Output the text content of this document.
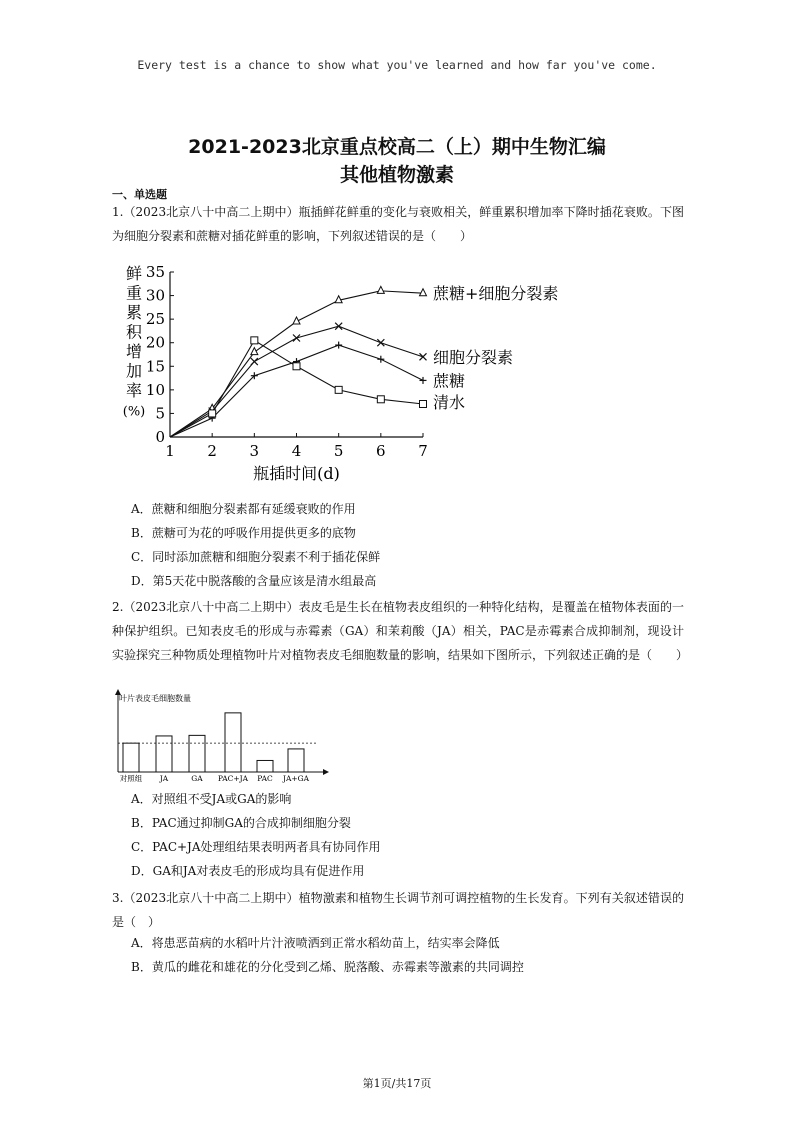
Every test is a chance to show what you've learned and how far you've come.
2021-2023北京重点校高二（上）期中生物汇编
其他植物激素
一、单选题
1.（2023北京八十中高二上期中）瓶插鲜花鲜重的变化与衰败相关，鲜重累积增加率下降时插花衰败。下图为细胞分裂素和蔗糖对插花鲜重的影响，下列叙述错误的是（　　）
0
5
10
15
20
25
30
35
1 2 3 4 5 6 7
瓶插时间(d)
鲜
重
累
积
增
加
率
(%)
蔗糖+细胞分裂素
细胞分裂素
蔗糖
清水
A．蔗糖和细胞分裂素都有延缓衰败的作用
B．蔗糖可为花的呼吸作用提供更多的底物
C．同时添加蔗糖和细胞分裂素不利于插花保鲜
D．第5天花中脱落酸的含量应该是清水组最高
2.（2023北京八十中高二上期中）表皮毛是生长在植物表皮组织的一种特化结构，是覆盖在植物体表面的一种保护组织。已知表皮毛的形成与赤霉素（GA）和茉莉酸（JA）相关，PAC是赤霉素合成抑制剂，现设计实验探究三种物质处理植物叶片对植物表皮毛细胞数量的影响，结果如下图所示，下列叙述正确的是（　　）
叶片表皮毛细胞数量
对照组 JA	GA PAC+JA PAC JA+GA
A．对照组不受JA或GA的影响
B．PAC通过抑制GA的合成抑制细胞分裂
C．PAC+JA处理组结果表明两者具有协同作用
D．GA和JA对表皮毛的形成均具有促进作用
3.（2023北京八十中高二上期中）植物激素和植物生长调节剂可调控植物的生长发育。下列有关叙述错误的是（　）
A．将患恶苗病的水稻叶片汁液喷洒到正常水稻幼苗上，结实率会降低
B．黄瓜的雌花和雄花的分化受到乙烯、脱落酸、赤霉素等激素的共同调控
第1页/共17页
